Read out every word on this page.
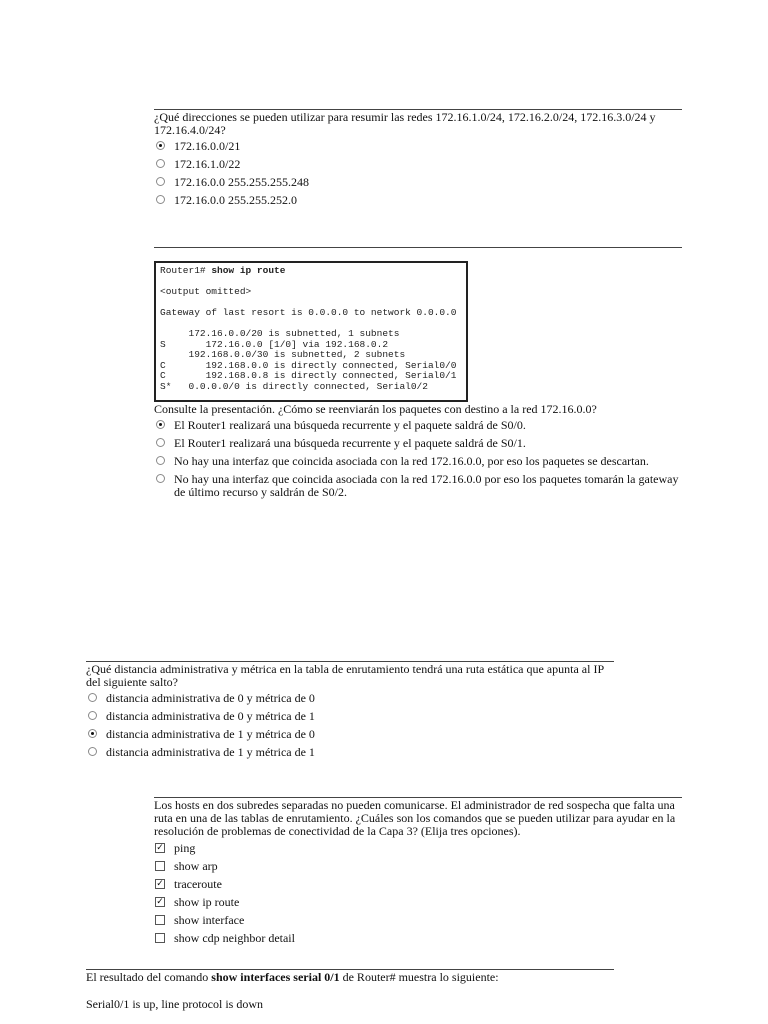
¿Qué direcciones se pueden utilizar para resumir las redes 172.16.1.0/24, 172.16.2.0/24, 172.16.3.0/24 y 172.16.4.0/24?
172.16.0.0/21
172.16.1.0/22
172.16.0.0 255.255.255.248
172.16.0.0 255.255.252.0
Router1# show ip route

<output omitted>

Gateway of last resort is 0.0.0.0 to network 0.0.0.0

172.16.0.0/20 is subnetted, 1 subnets
S       172.16.0.0 [1/0] via 192.168.0.2
192.168.0.0/30 is subnetted, 2 subnets
C       192.168.0.0 is directly connected, Serial0/0
C       192.168.0.8 is directly connected, Serial0/1
S*   0.0.0.0/0 is directly connected, Serial0/2
Consulte la presentación. ¿Cómo se reenviarán los paquetes con destino a la red 172.16.0.0?
El Router1 realizará una búsqueda recurrente y el paquete saldrá de S0/0.
El Router1 realizará una búsqueda recurrente y el paquete saldrá de S0/1.
No hay una interfaz que coincida asociada con la red 172.16.0.0, por eso los paquetes se descartan.
No hay una interfaz que coincida asociada con la red 172.16.0.0 por eso los paquetes tomarán la gateway de último recurso y saldrán de S0/2.
¿Qué distancia administrativa y métrica en la tabla de enrutamiento tendrá una ruta estática que apunta al IP del siguiente salto?
distancia administrativa de 0 y métrica de 0
distancia administrativa de 0 y métrica de 1
distancia administrativa de 1 y métrica de 0
distancia administrativa de 1 y métrica de 1
Los hosts en dos subredes separadas no pueden comunicarse. El administrador de red sospecha que falta una ruta en una de las tablas de enrutamiento. ¿Cuáles son los comandos que se pueden utilizar para ayudar en la resolución de problemas de conectividad de la Capa 3? (Elija tres opciones).
✓ ping
show arp
✓ traceroute
✓ show ip route
show interface
show cdp neighbor detail
El resultado del comando show interfaces serial 0/1 de Router# muestra lo siguiente:
Serial0/1 is up, line protocol is down
